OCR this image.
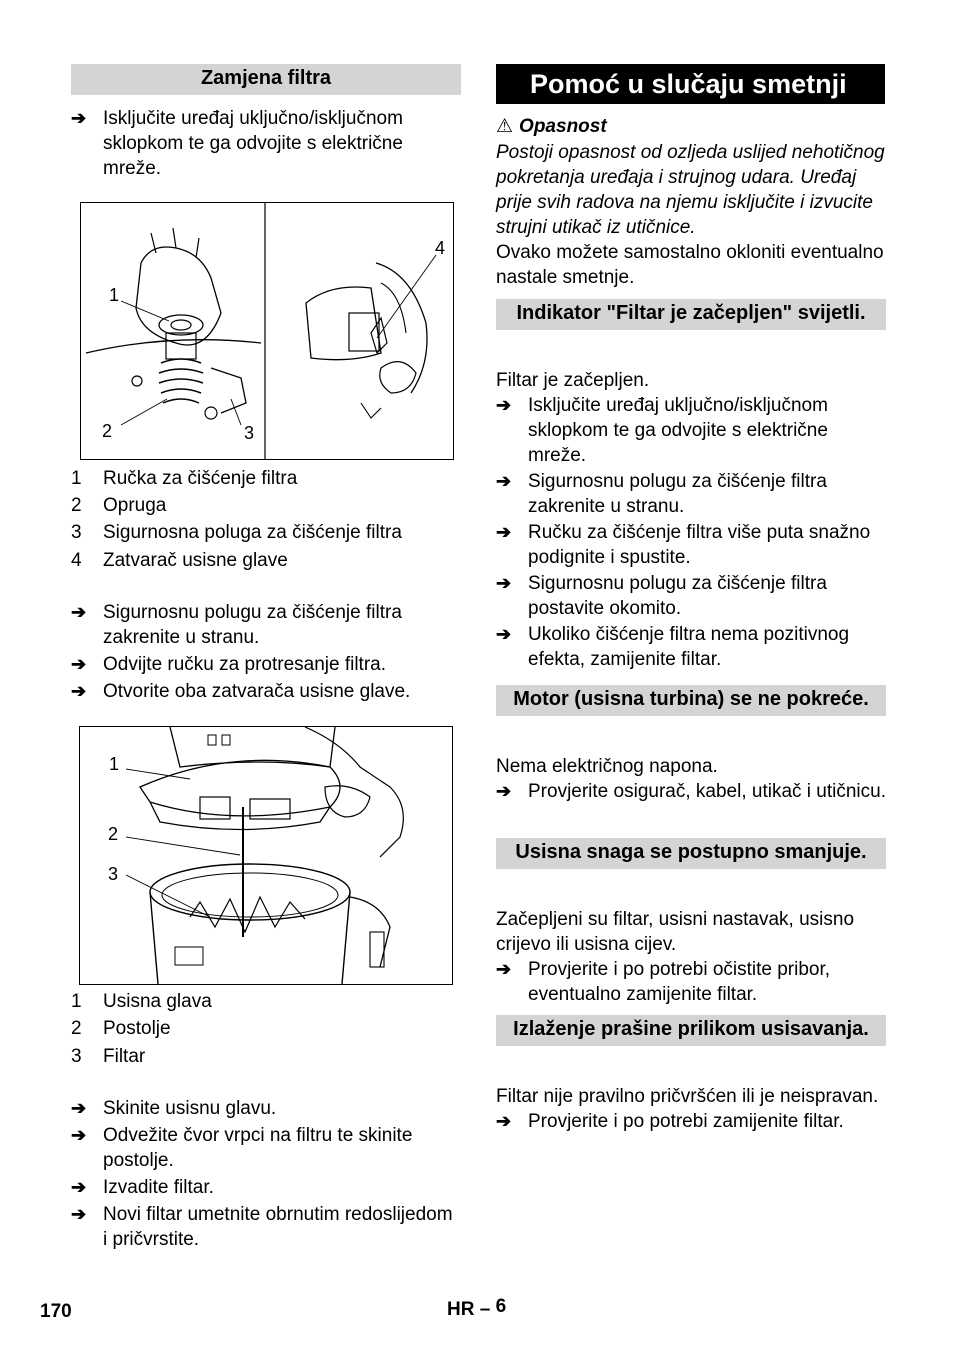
Zamjena filtra
➔ Isključite uređaj uključno/isključnom sklopkom te ga odvojite s električne mreže.
1
2	3
4
1 Ručka za čišćenje filtra
2 Opruga
3 Sigurnosna poluga za čišćenje filtra
4 Zatvarač usisne glave
➔ Sigurnosnu polugu za čišćenje filtra zakrenite u stranu.
➔ Odvijte ručku za protresanje filtra.
➔ Otvorite oba zatvarača usisne glave.
1
2
3
1 Usisna glava
2 Postolje
3 Filtar
➔ Skinite usisnu glavu.
➔ Odvežite čvor vrpci na filtru te skinite postolje.
➔ Izvadite filtar.
➔ Novi filtar umetnite obrnutim redoslijedom i pričvrstite.
Pomoć u slučaju smetnji
⚠ Opasnost

Postoji opasnost od ozljeda uslijed nehotičnog pokretanja uređaja i strujnog udara. Uređaj prije svih radova na njemu isključite i izvucite strujni utikač iz utičnice.

Ovako možete samostalno okloniti eventualno nastale smetnje.

Indikator "Filtar je začepljen" svijetli.

Filtar je začepljen.

➔ Isključite uređaj uključno/isključnom sklopkom te ga odvojite s električne mreže.
➔ Sigurnosnu polugu za čišćenje filtra zakrenite u stranu.
➔ Ručku za čišćenje filtra više puta snažno podignite i spustite.
➔ Sigurnosnu polugu za čišćenje filtra postavite okomito.
➔ Ukoliko čišćenje filtra nema pozitivnog efekta, zamijenite filtar.
Motor (usisna turbina) se ne pokreće.

Nema električnog napona.

➔ Provjerite osigurač, kabel, utikač i utičnicu.
Usisna snaga se postupno smanjuje.

Začepljeni su filtar, usisni nastavak, usisno crijevo ili usisna cijev.

➔ Provjerite i po potrebi očistite pribor, eventualno zamijenite filtar.
Izlaženje prašine prilikom usisavanja.

Filtar nije pravilno pričvršćen ili je neispravan.

➔ Provjerite i po potrebi zamijenite filtar.
170	HR – 6
